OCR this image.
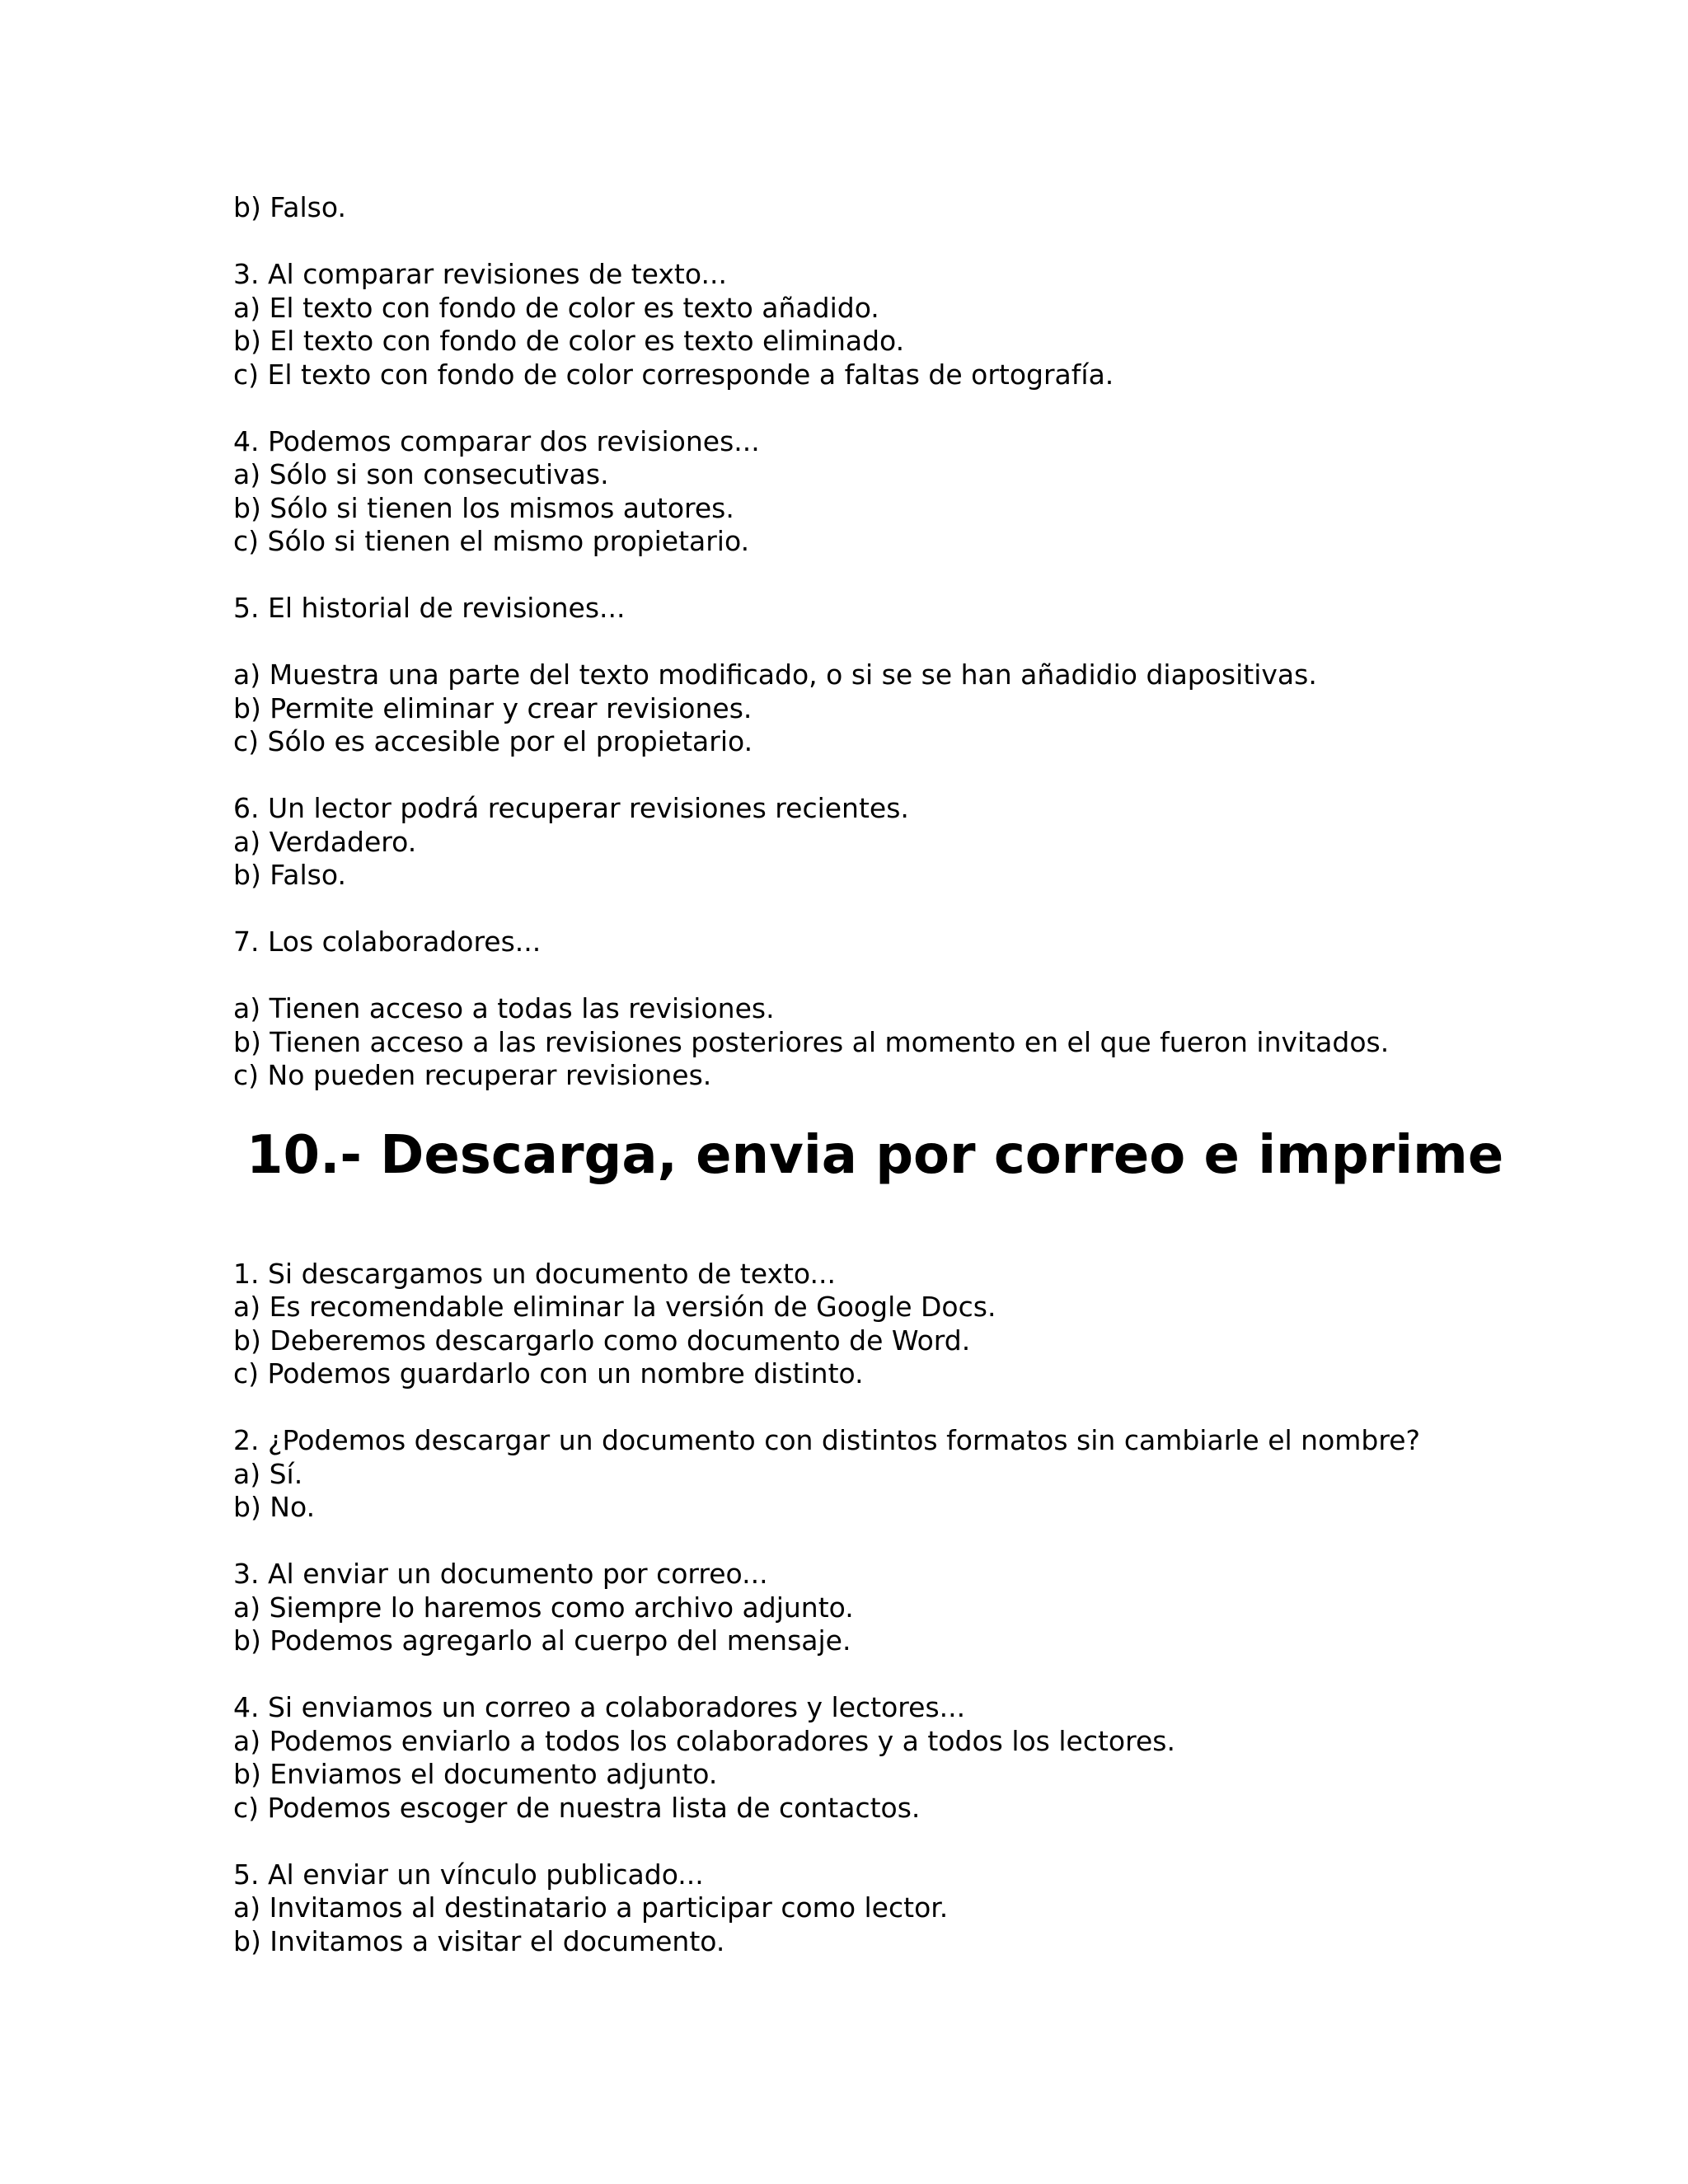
b) Falso.
3. Al comparar revisiones de texto...
a) El texto con fondo de color es texto añadido.
b) El texto con fondo de color es texto eliminado.
c) El texto con fondo de color corresponde a faltas de ortografía.
4. Podemos comparar dos revisiones...
a) Sólo si son consecutivas.
b) Sólo si tienen los mismos autores.
c) Sólo si tienen el mismo propietario.
5. El historial de revisiones...
a) Muestra una parte del texto modificado, o si se se han añadidio diapositivas.
b) Permite eliminar y crear revisiones.
c) Sólo es accesible por el propietario.
6. Un lector podrá recuperar revisiones recientes.
a) Verdadero.
b) Falso.
7. Los colaboradores...
a) Tienen acceso a todas las revisiones.
b) Tienen acceso a las revisiones posteriores al momento en el que fueron invitados.
c) No pueden recuperar revisiones.
10.- Descarga, envia por correo e imprime
1. Si descargamos un documento de texto...
a) Es recomendable eliminar la versión de Google Docs.
b) Deberemos descargarlo como documento de Word.
c) Podemos guardarlo con un nombre distinto.
2. ¿Podemos descargar un documento con distintos formatos sin cambiarle el nombre?
a) Sí.
b) No.
3. Al enviar un documento por correo...
a) Siempre lo haremos como archivo adjunto.
b) Podemos agregarlo al cuerpo del mensaje.
4. Si enviamos un correo a colaboradores y lectores...
a) Podemos enviarlo a todos los colaboradores y a todos los lectores.
b) Enviamos el documento adjunto.
c) Podemos escoger de nuestra lista de contactos.
5. Al enviar un vínculo publicado...
a) Invitamos al destinatario a participar como lector.
b) Invitamos a visitar el documento.
